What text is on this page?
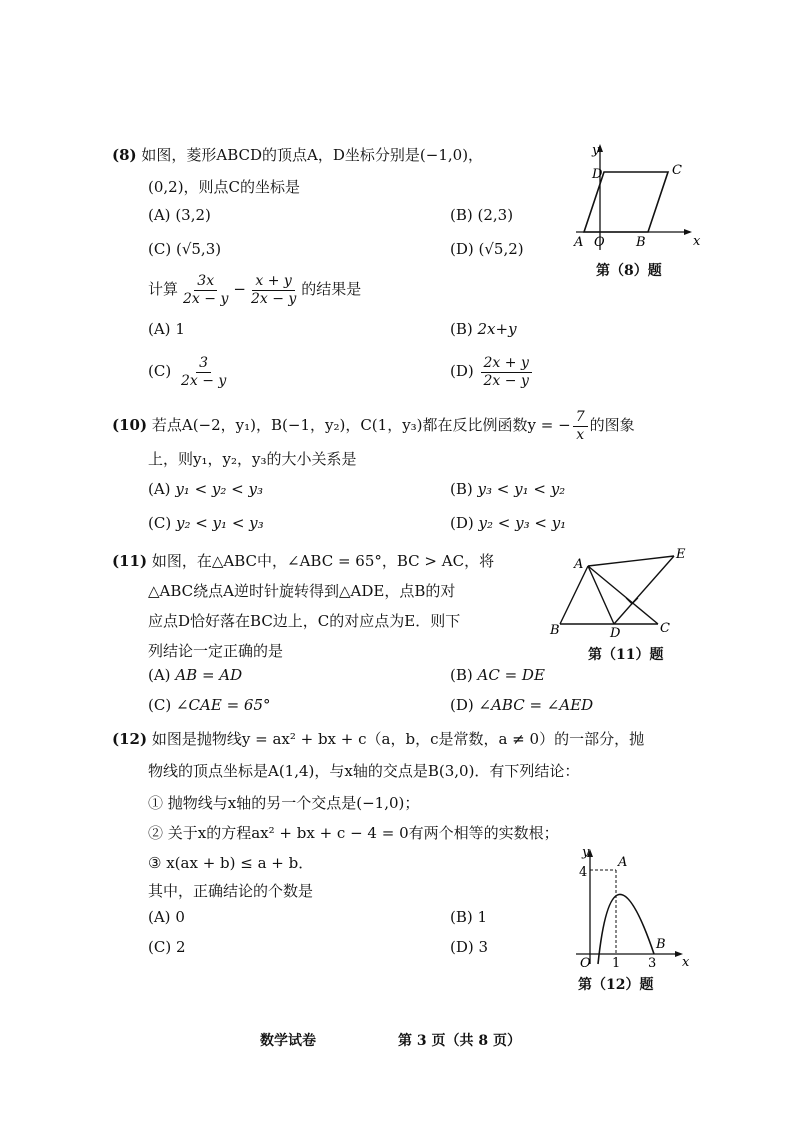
(8) 如图，菱形ABCD的顶点A，D坐标分别是(−1,0)，
(0,2)，则点C的坐标是
(A) (3,2)	(B) (2,3)
(C) (√5,3)	(D) (√5,2)
y
x
D	C
A O B
第（8）题
计算 $\frac{3x}{2x - y} - \frac{x + y}{2x - y}$ 的结果是
(A) 1	(B) 2x+y
$(C) \frac{3}{2x - y}$	$(D) \frac{2x + y}{2x - y}$
(10) 若点A(−2，y₁)，B(−1，y₂)，C(1，y₃)都在反比例函数y = − $\frac{7}{x}$ 的图象
上，则y₁，y₂，y₃的大小关系是
(A) y₁ < y₂ < y₃	(B) y₃ < y₁ < y₂
(C) y₂ < y₁ < y₃	(D) y₂ < y₃ < y₁
(11) 如图，在△ABC中，∠ABC = 65°，BC > AC，将
△ABC绕点A逆时针旋转得到△ADE，点B的对
应点D恰好落在BC边上，C的对应点为E．则下
列结论一定正确的是
(A) AB = AD	(B) AC = DE
(C) ∠CAE = 65°	(D) ∠ABC = ∠AED
A
E
B	D	C
第（11）题
(12) 如图是抛物线y = ax² + bx + c（a，b，c是常数，a ≠ 0）的一部分，抛
物线的顶点坐标是A(1,4)，与x轴的交点是B(3,0)．有下列结论：
① 抛物线与x轴的另一个交点是(−1,0)；
② 关于x的方程ax² + bx + c − 4 = 0有两个相等的实数根；
③ x(ax + b) ≤ a + b．
其中，正确结论的个数是
(A) 0	(B) 1
(C) 2	(D) 3
y
x
4
A
O 1 3
B
第（12）题
数学试卷	第 3 页（共 8 页）
